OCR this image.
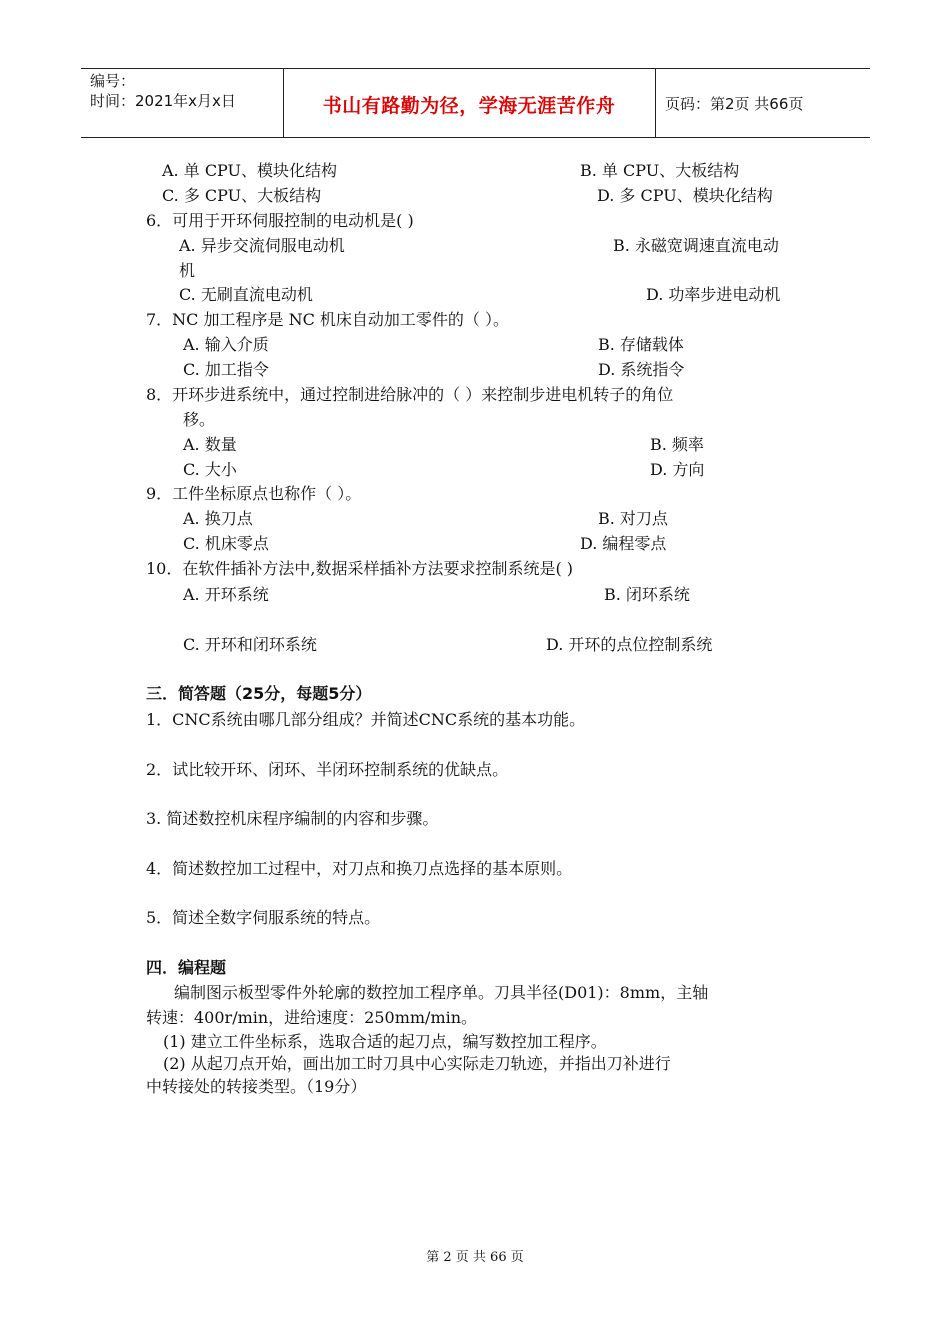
编号：
时间：2021年x月x日	书山有路勤为径，学海无涯苦作舟	页码：第2页 共66页
A. 单 CPU、模块化结构	B. 单 CPU、大板结构
C. 多 CPU、大板结构	D. 多 CPU、模块化结构
6．可用于开环伺服控制的电动机是( )
A. 异步交流伺服电动机	B. 永磁宽调速直流电动
机
C. 无刷直流电动机	D. 功率步进电动机
7．NC 加工程序是 NC 机床自动加工零件的（ ）。
A. 输入介质	B. 存储载体
C. 加工指令	D. 系统指令
8．开环步进系统中，通过控制进给脉冲的（ ）来控制步进电机转子的角位
移。
A. 数量	B. 频率
C. 大小	D. 方向
9．工件坐标原点也称作（ ）。
A. 换刀点	B. 对刀点
C. 机床零点	D. 编程零点
10．在软件插补方法中,数据采样插补方法要求控制系统是( )
A. 开环系统	B. 闭环系统
C. 开环和闭环系统	D. 开环的点位控制系统
三．简答题（25分，每题5分）
1．CNC系统由哪几部分组成？并简述CNC系统的基本功能。
2．试比较开环、闭环、半闭环控制系统的优缺点。
3. 简述数控机床程序编制的内容和步骤。
4．简述数控加工过程中，对刀点和换刀点选择的基本原则。
5．简述全数字伺服系统的特点。
四．编程题
编制图示板型零件外轮廓的数控加工程序单。刀具半径(D01)：8mm，主轴
转速：400r/min，进给速度：250mm/min。
(1) 建立工件坐标系，选取合适的起刀点，编写数控加工程序。
(2) 从起刀点开始，画出加工时刀具中心实际走刀轨迹，并指出刀补进行
中转接处的转接类型。（19分）
第 2 页 共 66 页
